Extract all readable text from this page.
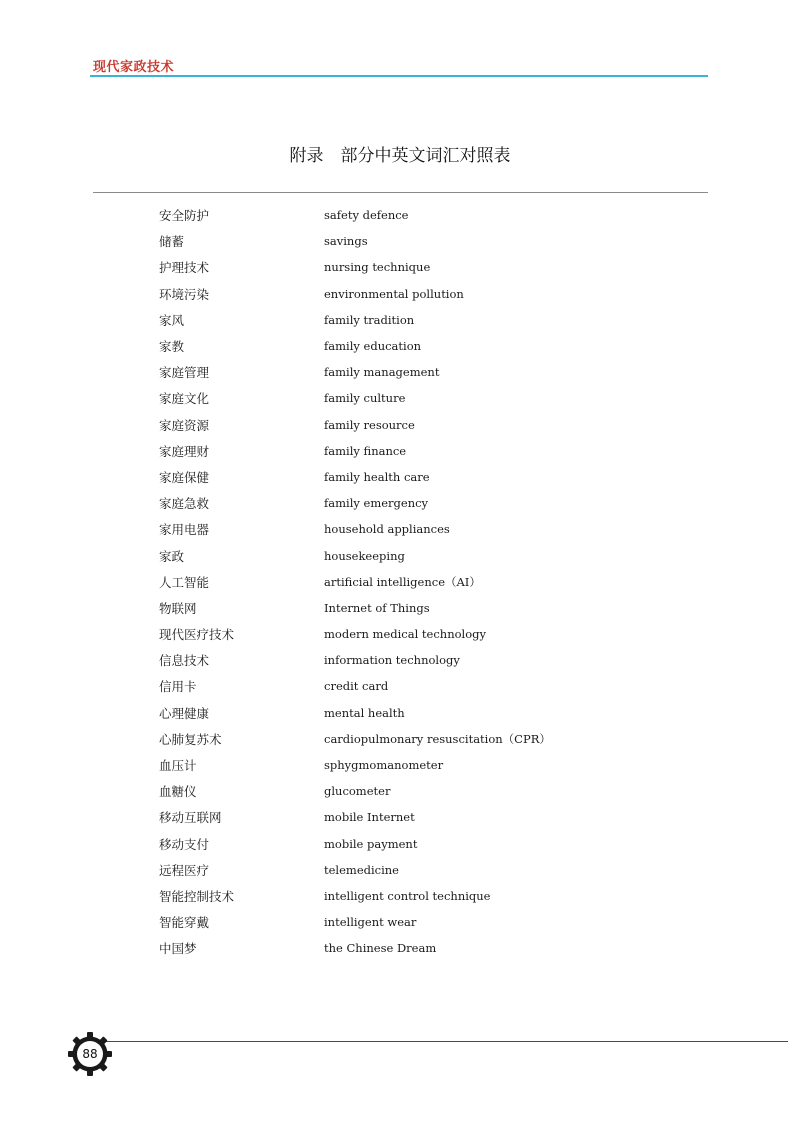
现代家政技术
附录　部分中英文词汇对照表
安全防护	safety defence
储蓄	savings
护理技术	nursing technique
环境污染	environmental pollution
家风	family tradition
家教	family education
家庭管理	family management
家庭文化	family culture
家庭资源	family resource
家庭理财	family finance
家庭保健	family health care
家庭急救	family emergency
家用电器	household appliances
家政	housekeeping
人工智能	artificial intelligence（AI）
物联网	Internet of Things
现代医疗技术	modern medical technology
信息技术	information technology
信用卡	credit card
心理健康	mental health
心肺复苏术	cardiopulmonary resuscitation（CPR）
血压计	sphygmomanometer
血糖仪	glucometer
移动互联网	mobile Internet
移动支付	mobile payment
远程医疗	telemedicine
智能控制技术	intelligent control technique
智能穿戴	intelligent wear
中国梦	the Chinese Dream
88
